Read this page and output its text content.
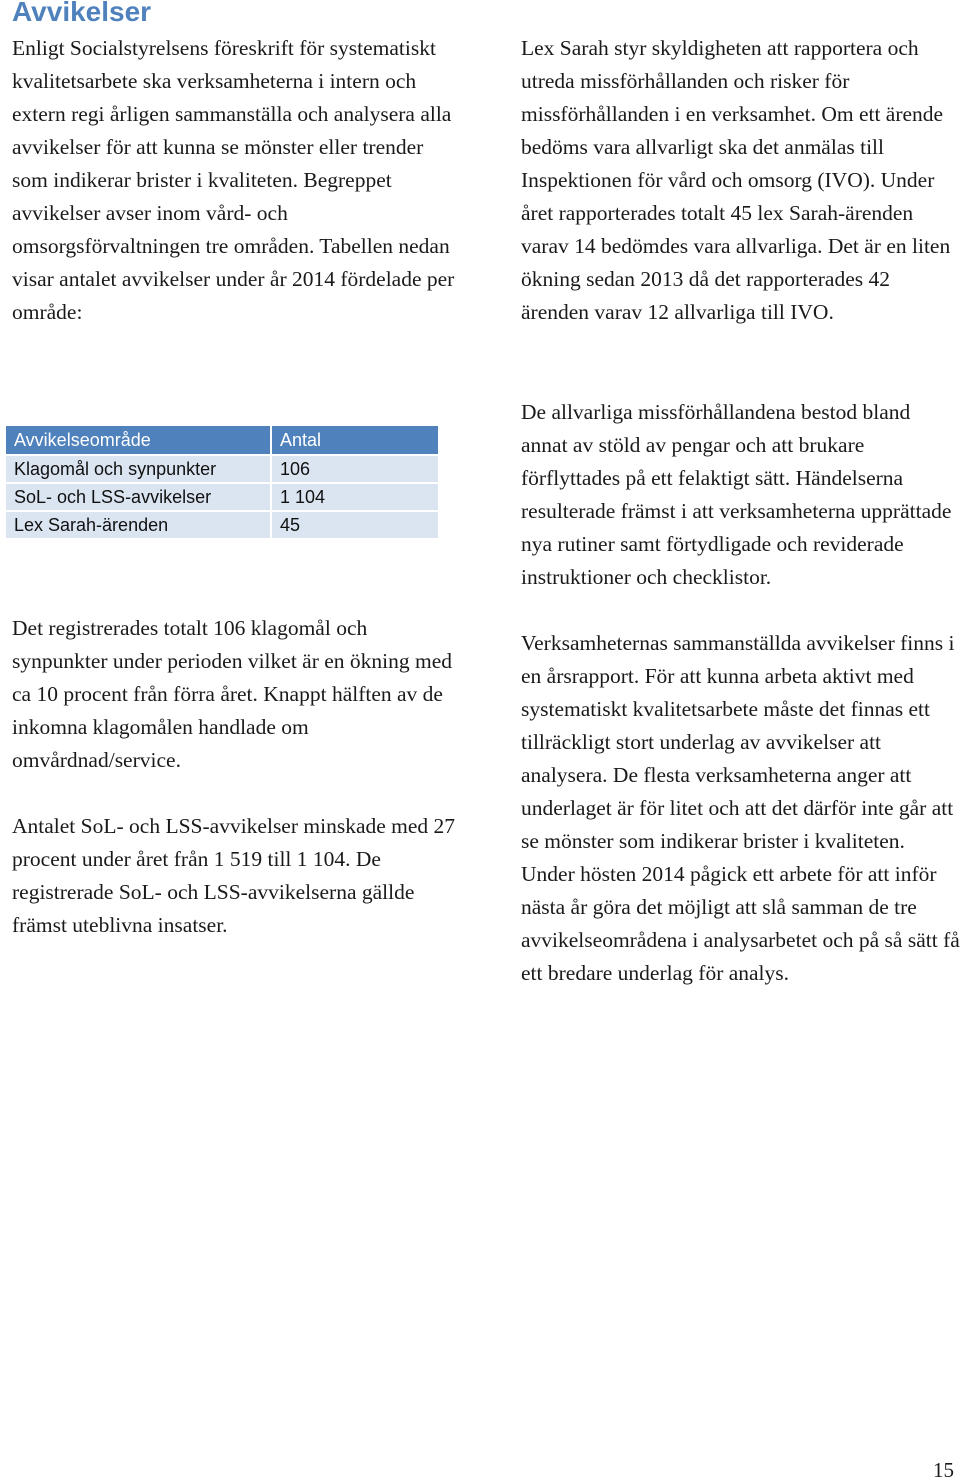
Avvikelser

Enligt Socialstyrelsens föreskrift för systematiskt kvalitetsarbete ska verksamheterna i intern och extern regi årligen sammanställa och analysera alla avvikelser för att kunna se mönster eller trender som indikerar brister i kvaliteten. Begreppet avvikelser avser inom vård- och omsorgsförvaltningen tre områden. Tabellen nedan visar antalet avvikelser under år 2014 fördelade per område:

Avvikelseområde	Antal
Klagomål och synpunkter	106
SoL- och LSS-avvikelser	1 104
Lex Sarah-ärenden	45

Det registrerades totalt 106 klagomål och synpunkter under perioden vilket är en ökning med ca 10 procent från förra året. Knappt hälften av de inkomna klagomålen handlade om omvårdnad/service.

Antalet SoL- och LSS-avvikelser minskade med 27 procent under året från 1 519 till 1 104. De registrerade SoL- och LSS-avvikelserna gällde främst uteblivna insatser.

Lex Sarah styr skyldigheten att rapportera och utreda missförhållanden och risker för missförhållanden i en verksamhet. Om ett ärende bedöms vara allvarligt ska det anmälas till Inspektionen för vård och omsorg (IVO). Under året rapporterades totalt 45 lex Sarah-ärenden varav 14 bedömdes vara allvarliga. Det är en liten ökning sedan 2013 då det rapporterades 42 ärenden varav 12 allvarliga till IVO.

De allvarliga missförhållandena bestod bland annat av stöld av pengar och att brukare förflyttades på ett felaktigt sätt. Händelserna resulterade främst i att verksamheterna upprättade nya rutiner samt förtydligade och reviderade instruktioner och checklistor.

Verksamheternas sammanställda avvikelser finns i en årsrapport. För att kunna arbeta aktivt med systematiskt kvalitetsarbete måste det finnas ett tillräckligt stort underlag av avvikelser att analysera. De flesta verksamheterna anger att underlaget är för litet och att det därför inte går att se mönster som indikerar brister i kvaliteten. Under hösten 2014 pågick ett arbete för att inför nästa år göra det möjligt att slå samman de tre avvikelseområdena i analysarbetet och på så sätt få ett bredare underlag för analys.

15
